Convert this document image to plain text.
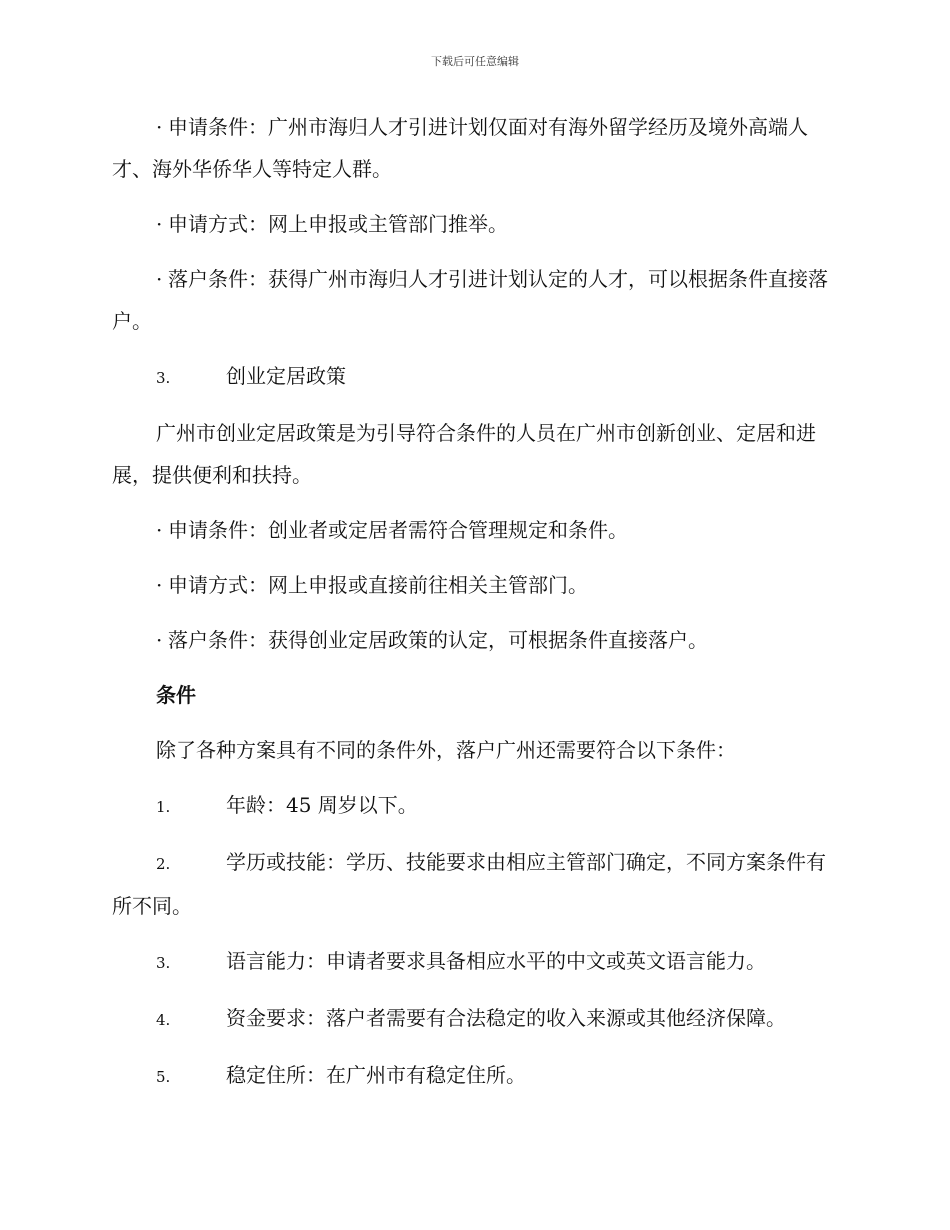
下载后可任意编辑

· 申请条件：广州市海归人才引进计划仅面对有海外留学经历及境外高端人才、海外华侨华人等特定人群。

· 申请方式：网上申报或主管部门推举。

· 落户条件：获得广州市海归人才引进计划认定的人才，可以根据条件直接落户。

3.	创业定居政策

广州市创业定居政策是为引导符合条件的人员在广州市创新创业、定居和进展，提供便利和扶持。

· 申请条件：创业者或定居者需符合管理规定和条件。

· 申请方式：网上申报或直接前往相关主管部门。

· 落户条件：获得创业定居政策的认定，可根据条件直接落户。

条件

除了各种方案具有不同的条件外，落户广州还需要符合以下条件：

1.	年龄：45 周岁以下。

2.	学历或技能：学历、技能要求由相应主管部门确定，不同方案条件有所不同。

3.	语言能力：申请者要求具备相应水平的中文或英文语言能力。

4.	资金要求：落户者需要有合法稳定的收入来源或其他经济保障。

5.	稳定住所：在广州市有稳定住所。
